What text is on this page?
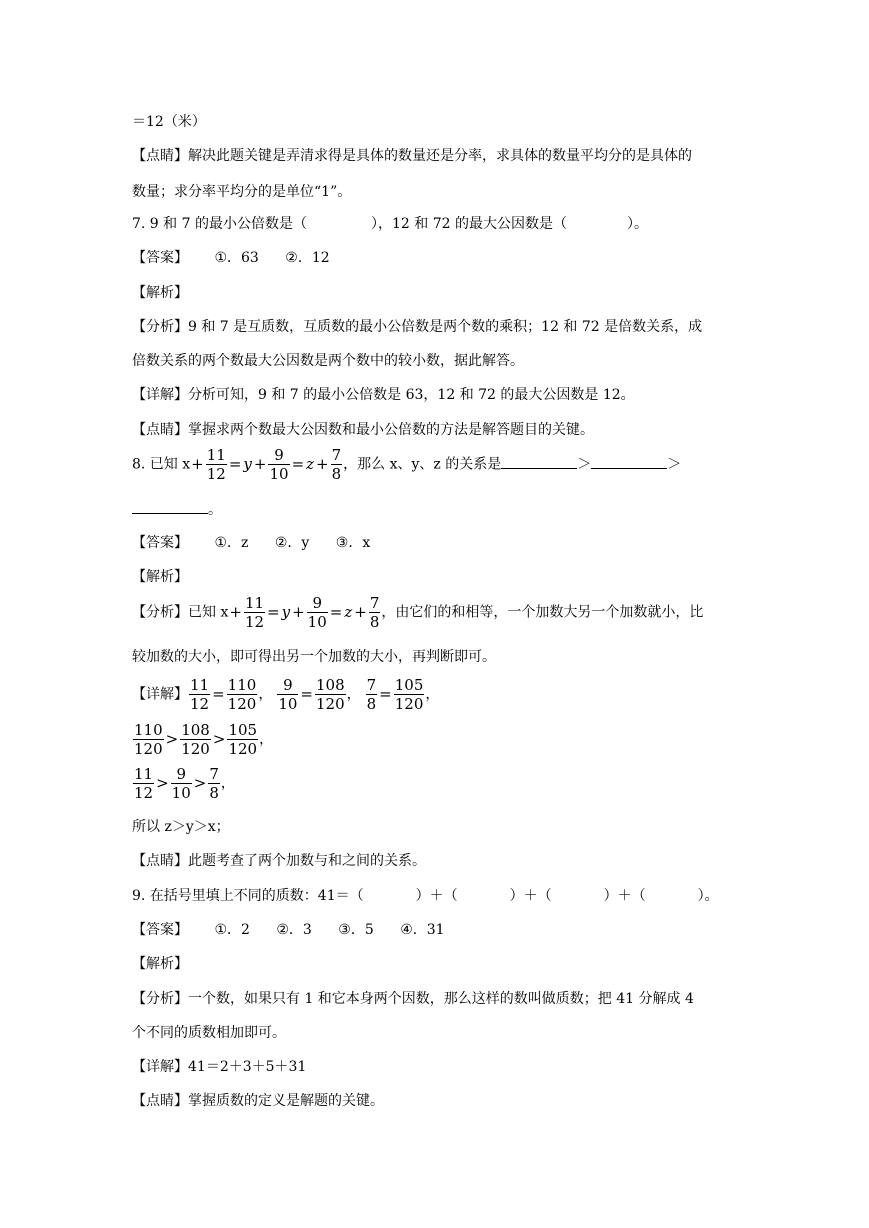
＝12（米）
【点睛】解决此题关键是弄清求得是具体的数量还是分率，求具体的数量平均分的是具体的
数量；求分率平均分的是单位“1”。
7. 9 和 7 的最小公倍数是（	），12 和 72 的最大公因数是（	）。
【答案】 ①．63 ②．12
【解析】
【分析】9 和 7 是互质数，互质数的最小公倍数是两个数的乘积；12 和 72 是倍数关系，成
倍数关系的两个数最大公因数是两个数中的较小数，据此解答。
【详解】分析可知，9 和 7 的最小公倍数是 63，12 和 72 的最大公因数是 12。
【点睛】掌握求两个数最大公因数和最小公倍数的方法是解答题目的关键。
8. 已知 $x+ \frac{11}{12} = y + \frac{9}{10} = z + \frac{7}{8}$ ，那么 x、y、z 的关系是	＞	＞
。
【答案】 ①．z ②．y ③．x
【解析】
【分析】已知 $x+ \frac{11}{12} = y + \frac{9}{10} = z + \frac{7}{8}$ ，由它们的和相等，一个加数大另一个加数就小，比
较加数的大小，即可得出另一个加数的大小，再判断即可。
【详解】 $\frac{11}{12} = \frac{110}{120}$ ， $\frac{9}{10} = \frac{108}{120}$ ， $\frac{7}{8} = \frac{105}{120}$ ，
$\frac{110}{120} > \frac{108}{120} > \frac{105}{120}$ ，
$\frac{11}{12} > \frac{9}{10} > \frac{7}{8}$ ，
所以 z＞y＞x；
【点睛】此题考查了两个加数与和之间的关系。
9. 在括号里填上不同的质数：41＝（	）＋（	）＋（	）＋（	）。
【答案】 ①．2 ②．3 ③．5 ④．31
【解析】
【分析】一个数，如果只有 1 和它本身两个因数，那么这样的数叫做质数；把 41 分解成 4
个不同的质数相加即可。
【详解】41＝2＋3＋5＋31
【点睛】掌握质数的定义是解题的关键。
